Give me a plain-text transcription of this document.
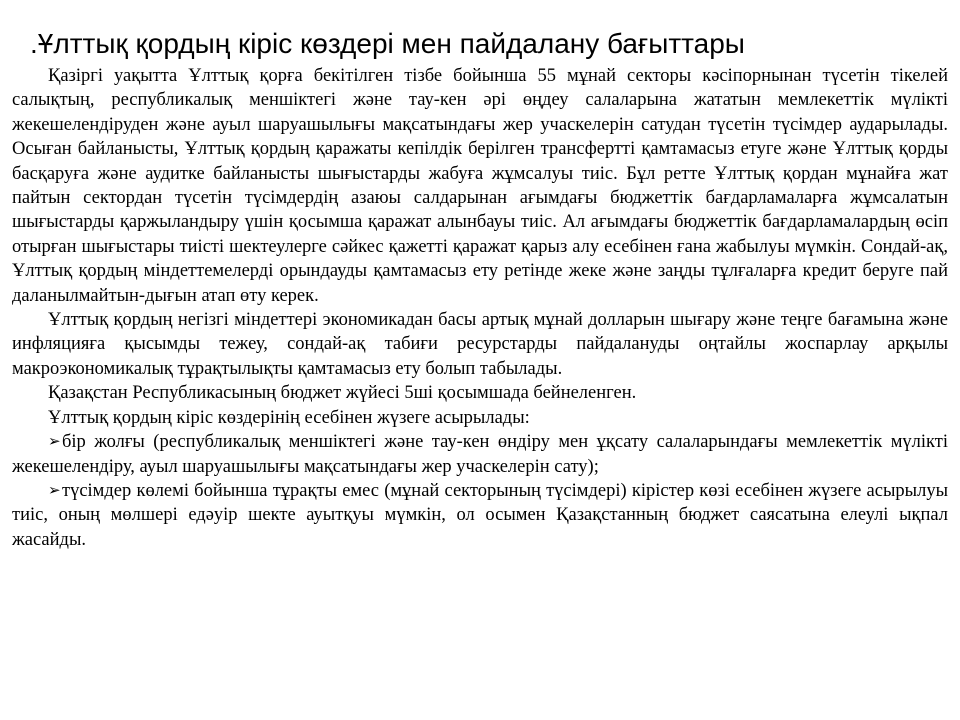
.Ұлттық қордың кіріс көздері мен пайдалану бағыттары

Қазіргі уақытта Ұлттық қорға бекітілген тізбе бойынша 55 мұнай секторы кәсіпорнынан түсетін тікелей салықтың, республикалық меншіктегі және тау-кен әрі өңдеу салаларына жататын мемлекеттік мүлікті жекешелендіруден және ауыл шаруашылығы мақсатындағы жер учаскелерін сатудан түсетін түсімдер аударылады. Осыған байланысты, Ұлттық қордың қаражаты кепілдік берілген трансферттi қамтамасыз етуге және Ұлттық қорды басқаруға және аудитке байланысты шығыстарды жабуға жұмсалуы тиіс. Бұл ретте Ұлттық қордан мұнайға жат пайтын сектордан түсетін түсімдердің азаюы салдарынан ағымдағы бюджеттік бағдарламаларға жұмсалатын шығыстарды қаржыландыру үшін қосымша қаражат алынбауы тиіс. Ал ағымдағы бюджеттік бағдарламалардың өсіп отырған шығыстары тиісті шектеулерге сәйкес қажетті қаражат қарыз алу есебінен ғана жабылуы мүмкін. Сондай-ақ, Ұлттық қордың міндеттемелерді орындауды қамтамасыз ету ретінде жеке және заңды тұлғаларға кредит беруге пай даланылмайтын-дығын атап өту керек.

Ұлттық қордың негізгі міндеттері экономикадан басы артық мұнай долларын шығару және теңге бағамына және инфляцияға қысымды тежеу, сондай-ақ табиғи ресурстарды пайдалануды оңтайлы жоспарлау арқылы макроэкономикалық тұрақтылықты қамтамасыз ету болып табылады.

Қазақстан Республикасының бюджет жүйесі 5ші қосымшада бейнеленген.

Ұлттық қордың кіріс көздерінің есебінен жүзеге асырылады:

➢бір жолғы (республикалық меншіктегі және тау-кен өндіру мен ұқсату салаларындағы мемлекеттік мүлікті жекешелендіру, ауыл шаруашылығы мақсатындағы жер учаскелерін сату);

➢түсімдер көлемі бойынша тұрақты емес (мұнай секторының түсімдері) кірістер көзі есебінен жүзеге асырылуы тиіс, оның мөлшері едәуір шекте ауытқуы мүмкін, ол осымен Қазақстанның бюджет саясатына елеулі ықпал жасайды.
